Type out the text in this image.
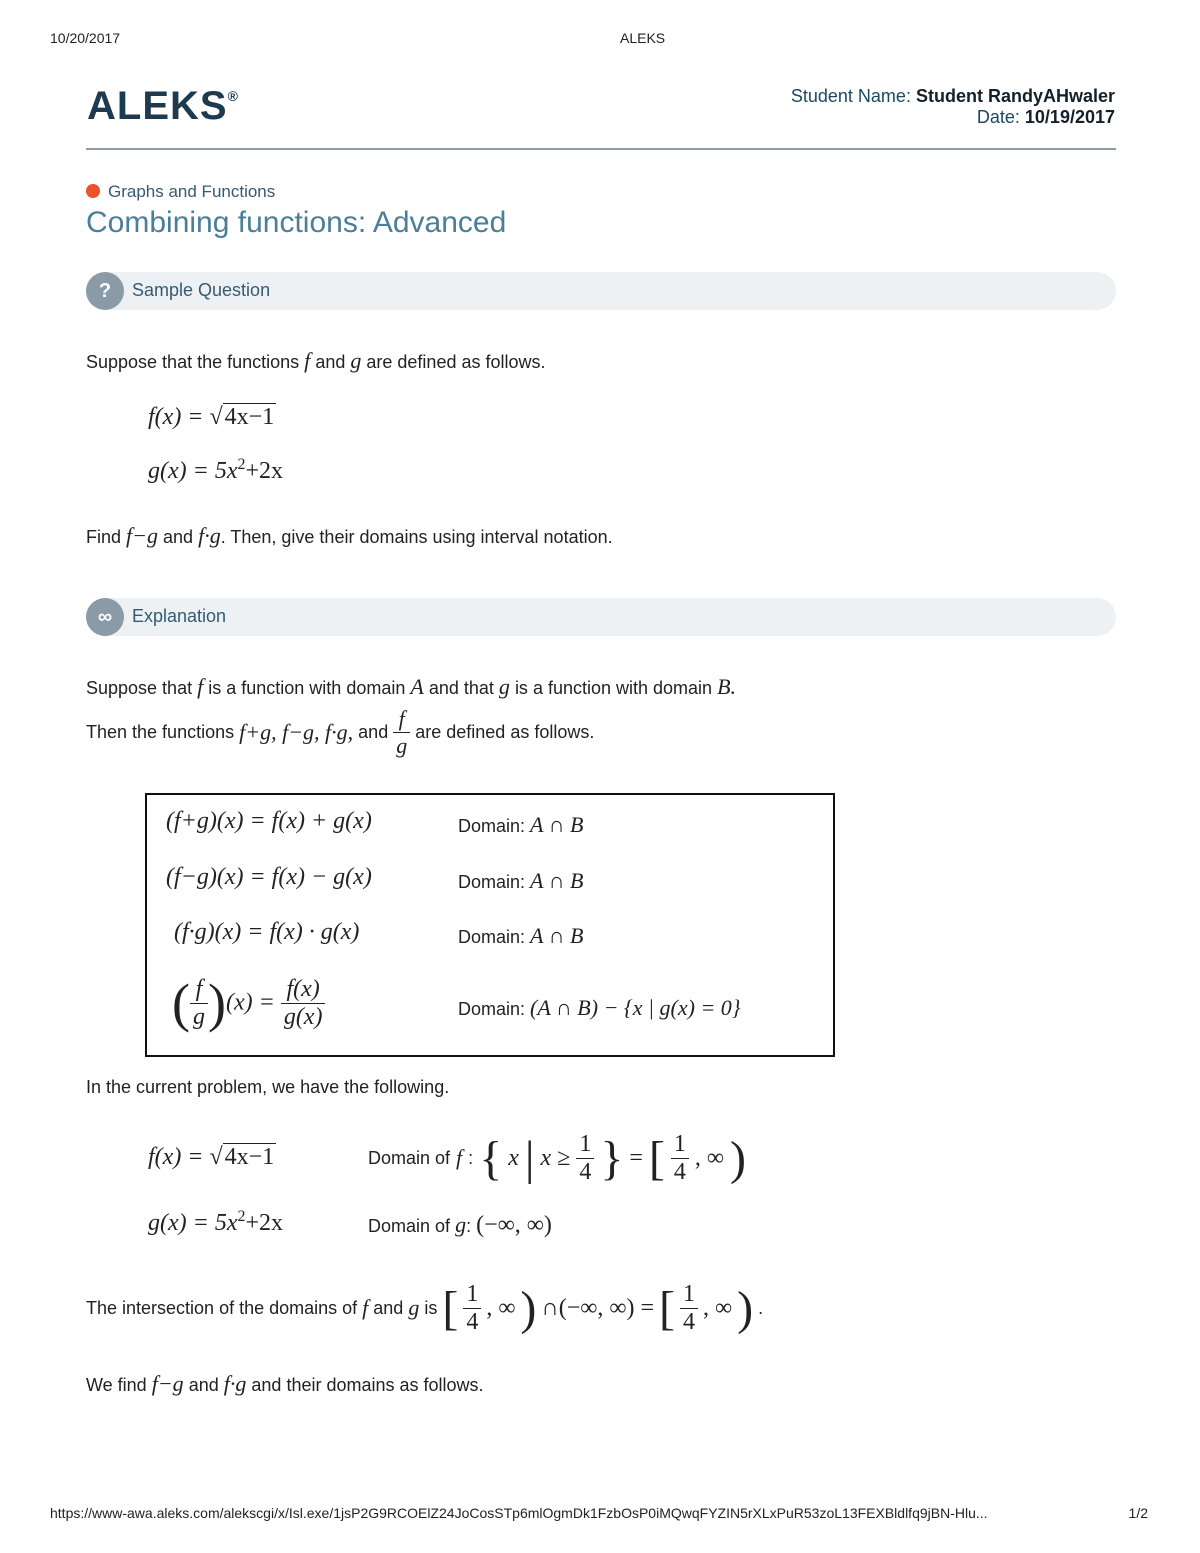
10/20/2017	ALEKS
ALEKS®	Student Name: Student RandyAHwaler
Date: 10/19/2017
Graphs and Functions
Combining functions: Advanced
?	Sample Question
Suppose that the functions f and g are defined as follows.
f(x) = √4x−1
$g(x) = 5x^2+2x$
Find f−g and f·g. Then, give their domains using interval notation.
∞	Explanation
Suppose that f is a function with domain A and that g is a function with domain B.
Then the functions f+g, f−g, f·g, and $\frac{f}{g}$ are defined as follows.
(f+g)(x) = f(x) + g(x)	Domain: A ∩ B
(f−g)(x) = f(x) − g(x)	Domain: A ∩ B
(f·g)(x) = f(x) · g(x)	Domain: A ∩ B
( $\frac{f}{g} )(x) = \frac{f(x)}{g(x)}$	Domain: (A ∩ B) − {x | g(x) = 0}
In the current problem, we have the following.
f(x) = √4x−1	Domain of f : { x | $x \ge \frac{1}{4}$ } = [ $\frac{1}{4}$ , ∞ )
$g(x) = 5x^2+2x$	Domain of g: (−∞, ∞)
The intersection of the domains of f and g is [ $\frac{1}{4}$ , ∞ ) ∩(−∞, ∞) = [ $\frac{1}{4}$ , ∞ ) .
We find f−g and f·g and their domains as follows.
https://www-awa.aleks.com/alekscgi/x/Isl.exe/1jsP2G9RCOElZ24JoCosSTp6mlOgmDk1FzbOsP0iMQwqFYZIN5rXLxPuR53zoL13FEXBldlfq9jBN-Hlu...	1/2
